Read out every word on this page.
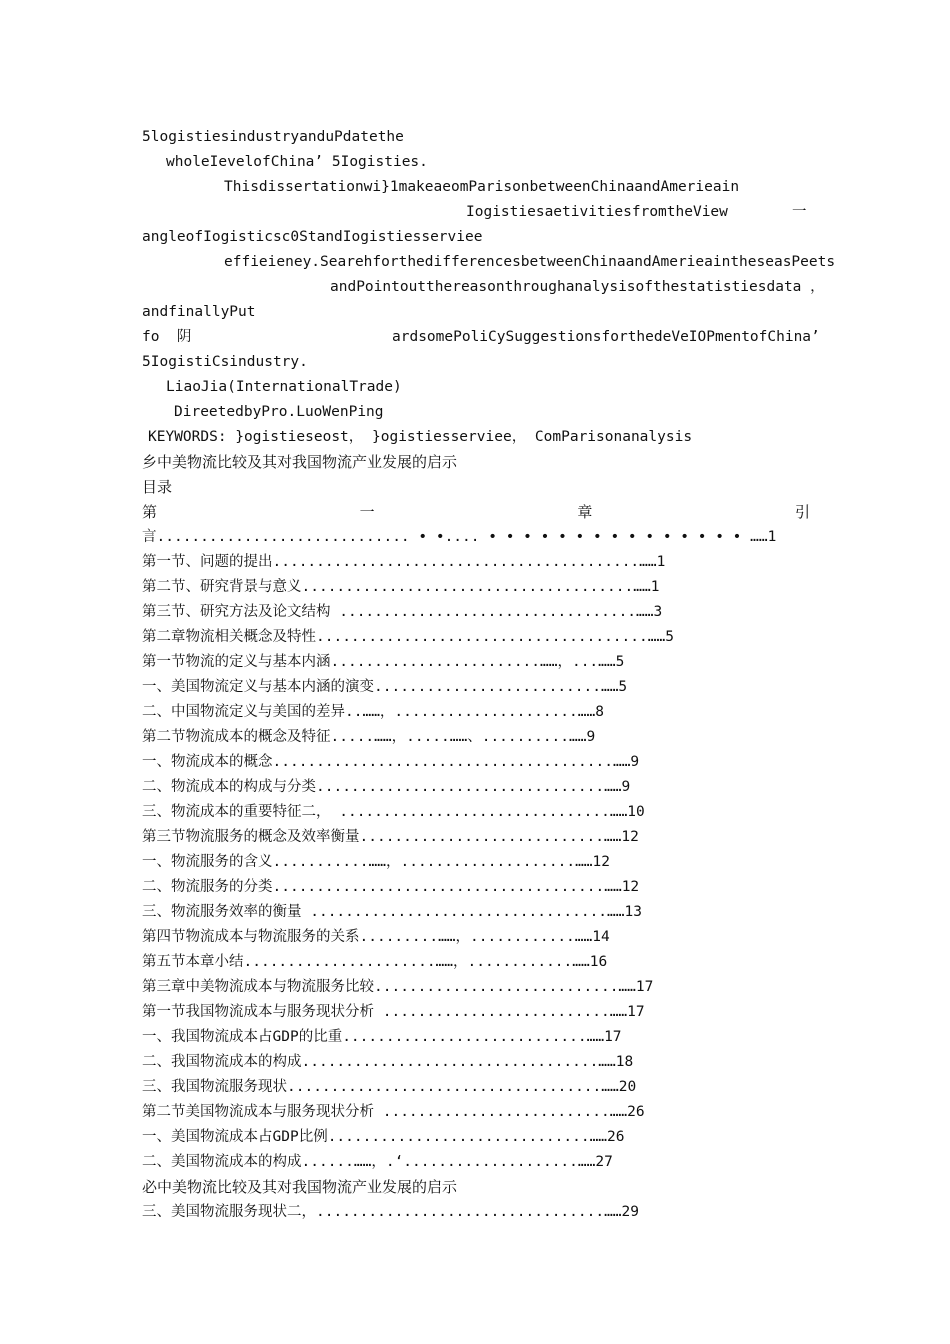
5logistiesindustryanduPdatethe
wholeIevelofChina’ 5Iogisties.
Thisdissertationwi}1makeaeomParisonbetweenChinaandAmerieain
IogistiesaetivitiesfromtheView	一
angleofIogisticsc0StandIogistiesserviee
effieieney.SearehforthedifferencesbetweenChinaandAmerieaintheseasPeets
andPointoutthereasonthroughanalysisofthestatistiesdata ，
andfinallyPut
fo  阴	ardsomePoliCySuggestionsforthedeVeIOPmentofChina’
5IogistiCsindustry.
LiaoJia(InternationalTrade)
DireetedbyPro.LuoWenPing
KEYWORDS: }ogistieseost， }ogistiesserviee， ComParisonanalysis
乡中美物流比较及其对我国物流产业发展的启示
目录
第	一	章	引
言............................. • •.... • • • • • • • • • • • • • • • ……1
第一节、问题的提出..........................................……1
第二节、研究背景与意义......................................……1
第三节、研究方法及论文结构 ..................................……3
第二章物流相关概念及特性......................................……5
第一节物流的定义与基本内涵........................……，...……5
一、美国物流定义与基本内涵的演变..........................……5
二、中国物流定义与美国的差异..……，.....................……8
第二节物流成本的概念及特征.....……，.....……、..........……9
一、物流成本的概念.......................................……9
二、物流成本的构成与分类.................................……9
三、物流成本的重要特征二， ...............................……10
第三节物流服务的概念及效率衡量............................……12
一、物流服务的含义...........……，....................……12
二、物流服务的分类......................................……12
三、物流服务效率的衡量 ..................................……13
第四节物流成本与物流服务的关系.........……，............……14
第五节本章小结......................……，............……16
第三章中美物流成本与物流服务比较............................……17
第一节我国物流成本与服务现状分析 ..........................……17
一、我国物流成本占GDP的比重............................……17
二、我国物流成本的构成..................................……18
三、我国物流服务现状....................................……20
第二节美国物流成本与服务现状分析 ..........................……26
一、美国物流成本占GDP比例..............................……26
二、美国物流成本的构成......……，.‘....................……27
必中美物流比较及其对我国物流产业发展的启示
三、美国物流服务现状二，.................................……29
